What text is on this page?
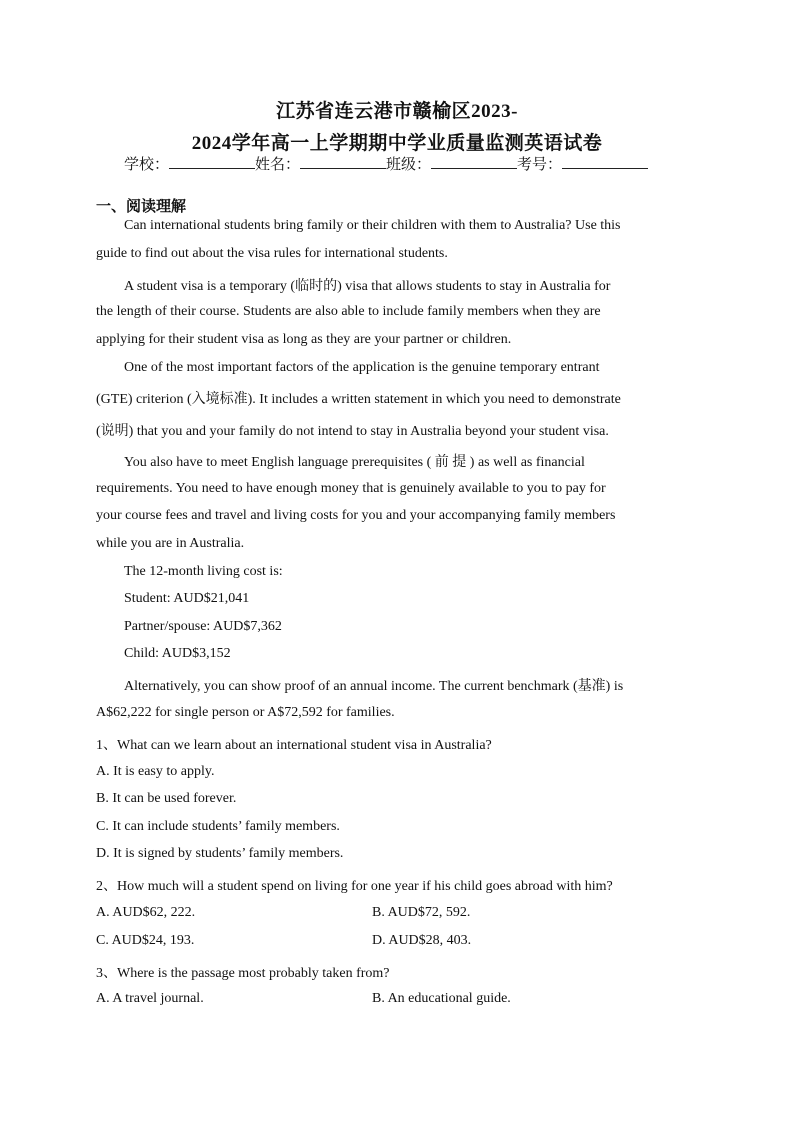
江苏省连云港市赣榆区2023-
2024学年高一上学期期中学业质量监测英语试卷
学校：	姓名：	班级：	考号：
一、阅读理解
Can international students bring family or their children with them to Australia? Use this
guide to find out about the visa rules for international students.
A student visa is a temporary (临时的) visa that allows students to stay in Australia for
the length of their course. Students are also able to include family members when they are
applying for their student visa as long as they are your partner or children.
One of the most important factors of the application is the genuine temporary entrant
(GTE) criterion (入境标准). It includes a written statement in which you need to demonstrate
(说明) that you and your family do not intend to stay in Australia beyond your student visa.
You also have to meet English language prerequisites ( 前 提 ) as well as financial
requirements. You need to have enough money that is genuinely available to you to pay for
your course fees and travel and living costs for you and your accompanying family members
while you are in Australia.
The 12-month living cost is:
Student: AUD$21,041
Partner/spouse: AUD$7,362
Child: AUD$3,152
Alternatively, you can show proof of an annual income. The current benchmark (基准) is
A$62,222 for single person or A$72,592 for families.
1、What can we learn about an international student visa in Australia?
A. It is easy to apply.
B. It can be used forever.
C. It can include students’ family members.
D. It is signed by students’ family members.
2、How much will a student spend on living for one year if his child goes abroad with him?
A. AUD$62, 222.	B. AUD$72, 592.
C. AUD$24, 193.	D. AUD$28, 403.
3、Where is the passage most probably taken from?
A. A travel journal.	B. An educational guide.
